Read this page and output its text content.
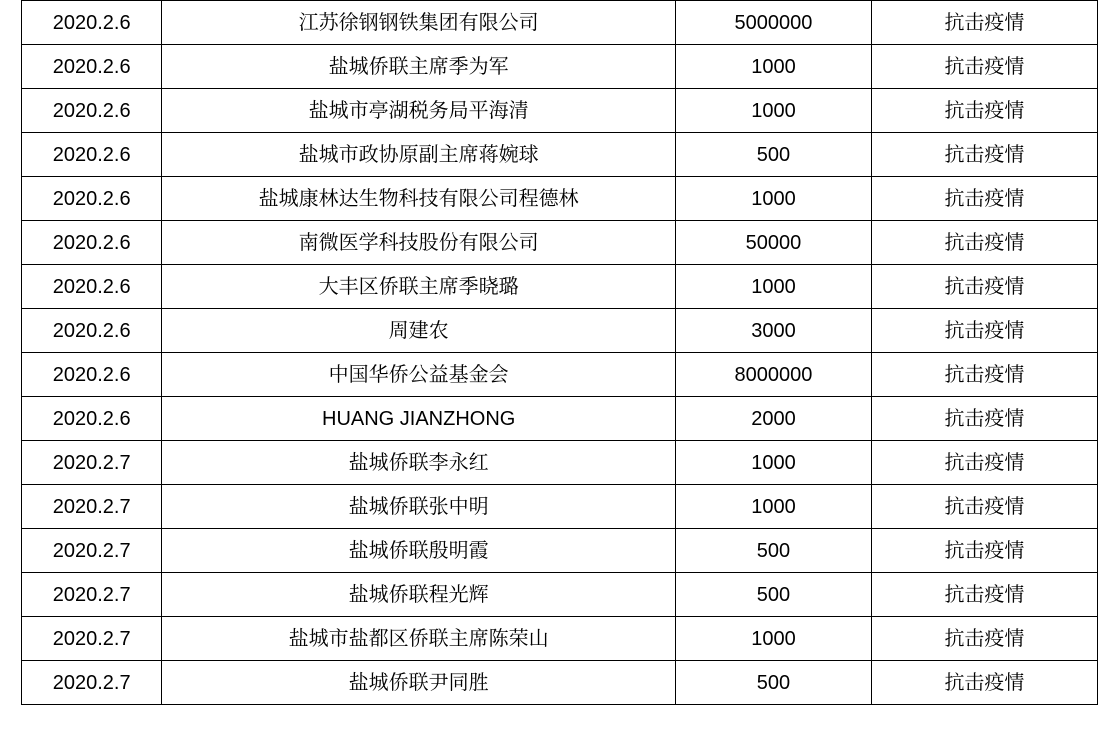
2020.2.6	江苏徐钢钢铁集团有限公司	5000000	抗击疫情
2020.2.6	盐城侨联主席季为军	1000	抗击疫情
2020.2.6	盐城市亭湖税务局平海清	1000	抗击疫情
2020.2.6	盐城市政协原副主席蒋婉球	500	抗击疫情
2020.2.6	盐城康林达生物科技有限公司程德林	1000	抗击疫情
2020.2.6	南微医学科技股份有限公司	50000	抗击疫情
2020.2.6	大丰区侨联主席季晓璐	1000	抗击疫情
2020.2.6	周建农	3000	抗击疫情
2020.2.6	中国华侨公益基金会	8000000	抗击疫情
2020.2.6	HUANG JIANZHONG	2000	抗击疫情
2020.2.7	盐城侨联李永红	1000	抗击疫情
2020.2.7	盐城侨联张中明	1000	抗击疫情
2020.2.7	盐城侨联殷明霞	500	抗击疫情
2020.2.7	盐城侨联程光辉	500	抗击疫情
2020.2.7	盐城市盐都区侨联主席陈荣山	1000	抗击疫情
2020.2.7	盐城侨联尹同胜	500	抗击疫情
